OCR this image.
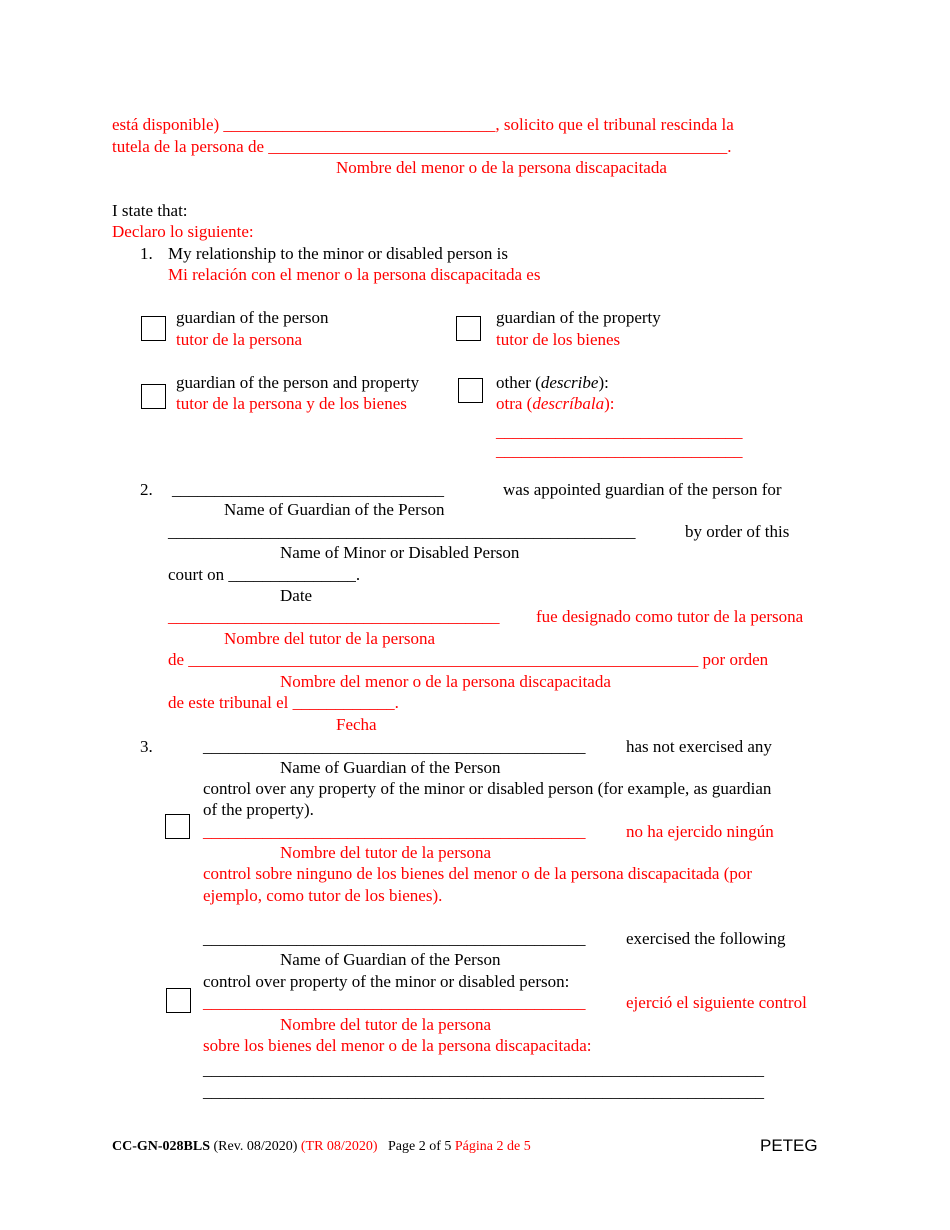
está disponible) ________________________________, solicito que el tribunal rescinda la
tutela de la persona de ______________________________________________________.
Nombre del menor o de la persona discapacitada
I state that:
Declaro lo siguiente:
1. My relationship to the minor or disabled person is
Mi relación con el menor o la persona discapacitada es
guardian of the person
tutor de la persona
guardian of the property
tutor de los bienes
guardian of the person and property
tutor de la persona y de los bienes
other (describe):
otra (descríbala):
_____________________________
_____________________________
2. ________________________________	was appointed guardian of the person for
Name of Guardian of the Person
_______________________________________________________	by order of this
Name of Minor or Disabled Person
court on _______________.
Date
_______________________________________ fue designado como tutor de la persona
Nombre del tutor de la persona
de ____________________________________________________________ por orden
Nombre del menor o de la persona discapacitada
de este tribunal el ____________.
Fecha
3.	_____________________________________________ has not exercised any
Name of Guardian of the Person
control over any property of the minor or disabled person (for example, as guardian
of the property).
_____________________________________________ no ha ejercido ningún
Nombre del tutor de la persona
control sobre ninguno de los bienes del menor o de la persona discapacitada (por
ejemplo, como tutor de los bienes).
_____________________________________________ exercised the following
Name of Guardian of the Person
control over property of the minor or disabled person:
_____________________________________________ ejerció el siguiente control
Nombre del tutor de la persona
sobre los bienes del menor o de la persona discapacitada:
__________________________________________________________________
__________________________________________________________________
CC-GN-028BLS (Rev. 08/2020) (TR 08/2020) Page 2 of 5 Página 2 de 5	PETEG
